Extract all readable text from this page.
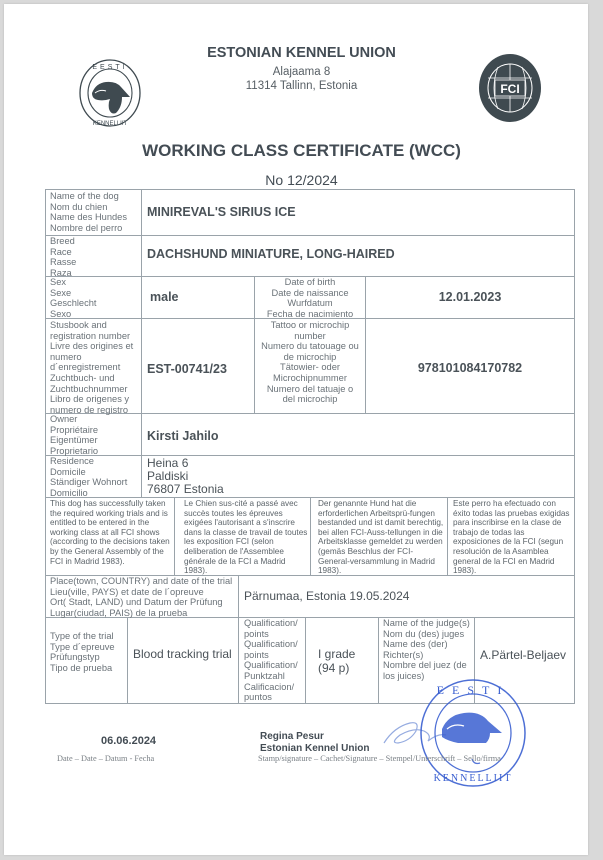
EESTI
KENNELLIIT
FCI
ESTONIAN KENNEL UNION
Alajaama 8
11314 Tallinn, Estonia
WORKING CLASS CERTIFICATE (WCC)
No 12/2024
Name of the dog
Nom du chien
Name des Hundes
Nombre del perro
MINIREVAL'S SIRIUS ICE
Breed
Race
Rasse
Raza
DACHSHUND MINIATURE, LONG-HAIRED
Sex
Sexe
Geschlecht
Sexo
male
Date of birth
Date de naissance
Wurfdatum
Fecha de nacimiento
12.01.2023
Stusbook and
registration number
Livre des origines et
numero
d´enregistrement
Zuchtbuch- und
Zuchtbuchnummer
Libro de origenes y
numero de registro
EST-00741/23
Tattoo or microchip
number
Numero du tatouage ou
de microchip
Tätowier- oder
Microchipnummer
Numero del tatuaje o
del microchip
978101084170782
Owner
Propriétaire
Eigentümer
Proprietario
Kirsti Jahilo
Residence
Domicile
Ständiger Wohnort
Domicilio
Heina 6
Paldiski
76807 Estonia
This dog has successfully taken the required working trials and is entitled to be entered in the working class at all FCI shows (according to the decisions taken by the General Assembly of the FCI in Madrid 1983).
Le Chien sus-cité a passé avec succès toutes les épreuves exigées l'autorisant a s'inscrire dans la classe de travail de toutes les exposition FCI (selon deliberation de l'Assemblee générale de la FCI a Madrid 1983).
Der genannte Hund hat die erforderlichen Arbeitsprü-fungen bestanded und ist damit berechtig, bei allen FCI-Auss-tellungen in die Arbeitsklasse gemeldet zu werden (gemäs Beschlus der FCI-General-versammlung in Madrid 1983).
Este perro ha efectuado con éxito todas las pruebas exigidas para inscribirse en la clase de trabajo de todas las exposiciones de la FCI (segun resolución de la Asamblea general de la FCI en Madrid 1983).
Place(town, COUNTRY) and date of the trial
Lieu(ville, PAYS) et date de l´opreuve
Ort( Stadt, LAND) und Datum der Prüfung
Lugar(ciudad, PAIS) de la prueba
Pärnumaa, Estonia 19.05.2024
Type of the trial
Type d´epreuve
Prüfungstyp
Tipo de prueba
Blood tracking trial
Qualification/
points
Qualification/
points
Qualification/
Punktzahl
Calificacion/
puntos
I grade
(94 p)
Name of the judge(s)
Nom du (des) juges
Name des (der)
Richter(s)
Nombre del juez (de
los juices)
A.Pärtel-Beljaev
EESTI
KENNELLIIT
06.06.2024
Date – Date – Datum - Fecha
Regina Pesur
Estonian Kennel Union
Stamp/signature – Cachet/Signature – Stempel/Unterschrift – Sello/firma
